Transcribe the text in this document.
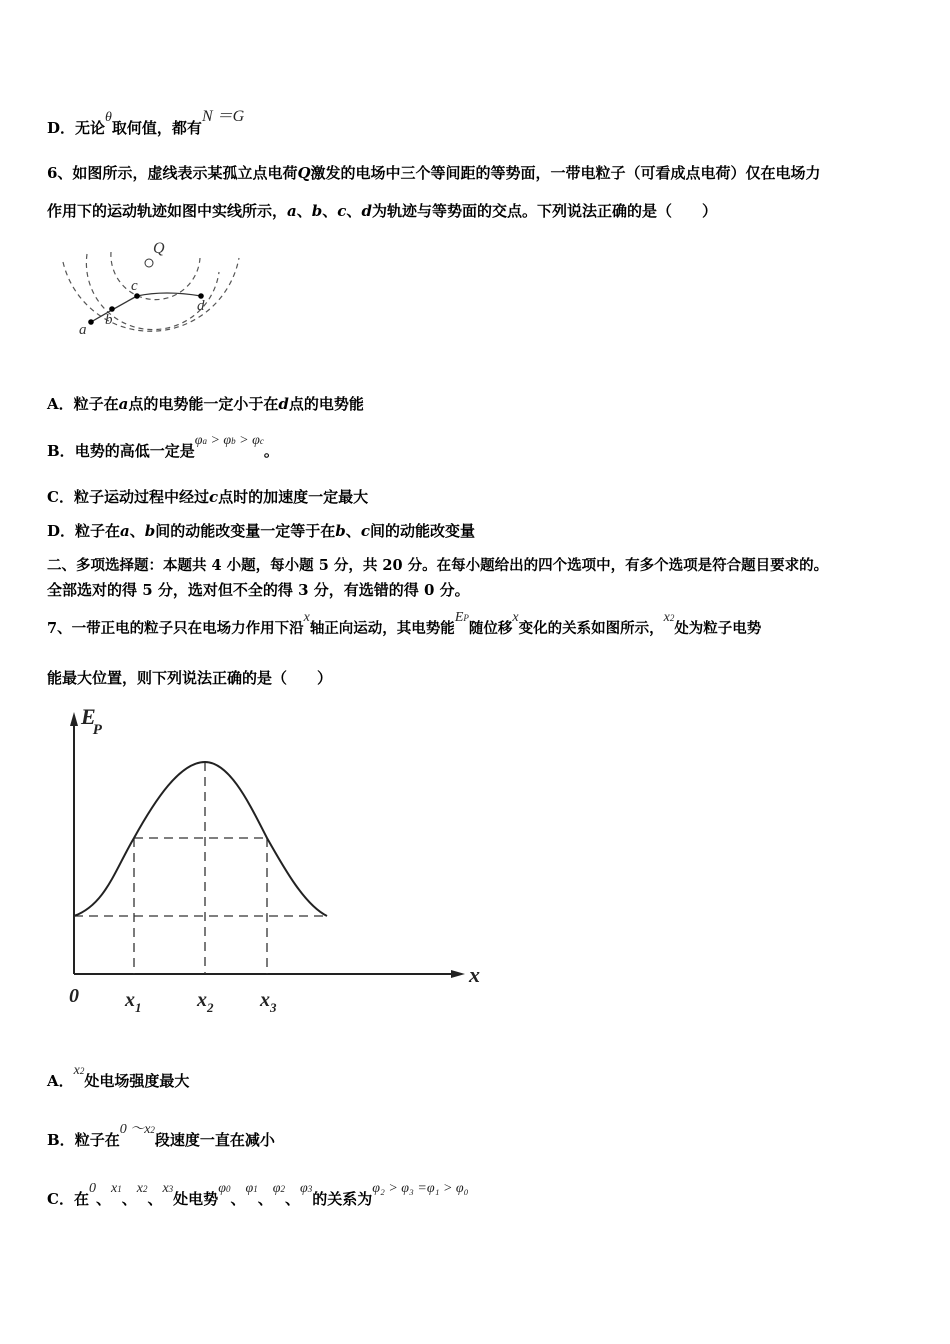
D．无论θ取何值，都有N ＝G
6、如图所示，虚线表示某孤立点电荷Q激发的电场中三个等间距的等势面，一带电粒子（可看成点电荷）仅在电场力
作用下的运动轨迹如图中实线所示，a、b、c、d为轨迹与等势面的交点。下列说法正确的是（　　）
Q
a
b
c
d
A．粒子在a点的电势能一定小于在d点的电势能
B．电势的高低一定是φa > φb > φc。
C．粒子运动过程中经过c点时的加速度一定最大
D．粒子在a、b间的动能改变量一定等于在b、c间的动能改变量
二、多项选择题：本题共 4 小题，每小题 5 分，共 20 分。在每小题给出的四个选项中，有多个选项是符合题目要求的。
全部选对的得 5 分，选对但不全的得 3 分，有选错的得 0 分。
7、一带正电的粒子只在电场力作用下沿x轴正向运动，其电势能EP随位移x变化的关系如图所示，x2处为粒子电势
能最大位置，则下列说法正确的是（　　）
E P
x
0 $x_1$	$x_2$ $x_3$
A．x2处电场强度最大
B．粒子在0 ～x2段速度一直在减小
C．在0、x1、x2、x3处电势φ0、φ1、φ2、φ3的关系为φ₂ > φ₃ =φ₁ > φ₀
